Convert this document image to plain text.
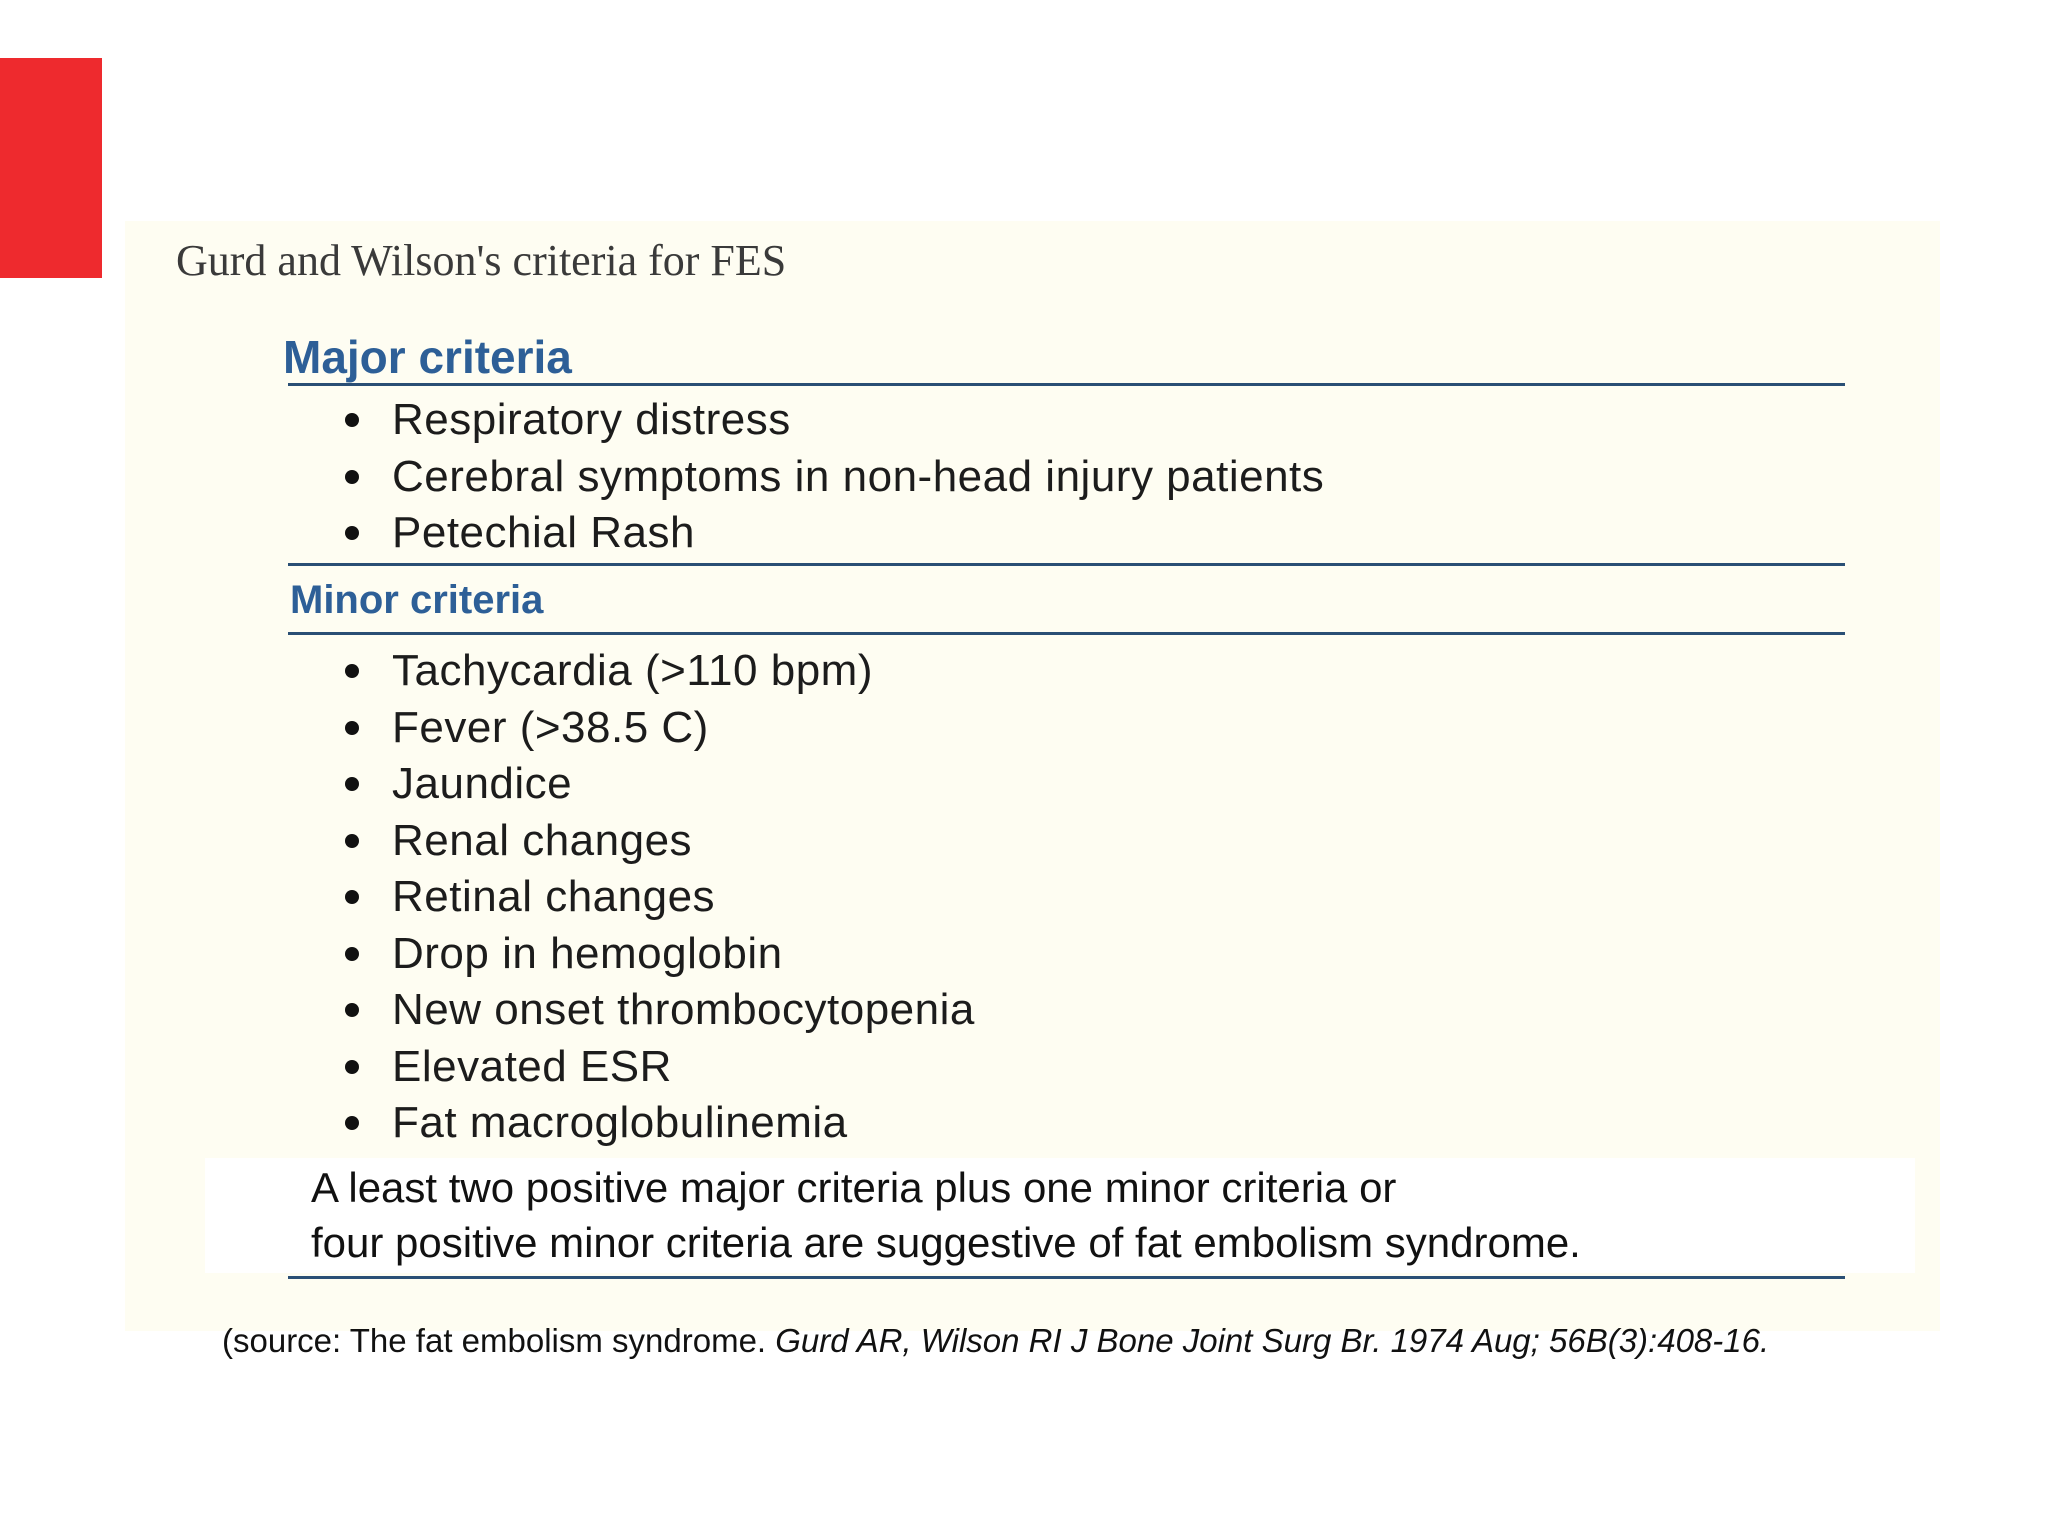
Gurd and Wilson's criteria for FES
Major criteria
Respiratory distress
Cerebral symptoms in non-head injury patients
Petechial Rash
Minor criteria
Tachycardia (>110 bpm)
Fever (>38.5 C)
Jaundice
Renal changes
Retinal changes
Drop in hemoglobin
New onset thrombocytopenia
Elevated ESR
Fat macroglobulinemia
A least two positive major criteria plus one minor criteria or
four positive minor criteria are suggestive of fat embolism syndrome.
(source: The fat embolism syndrome. Gurd AR, Wilson RI J Bone Joint Surg Br. 1974 Aug; 56B(3):408-16.
